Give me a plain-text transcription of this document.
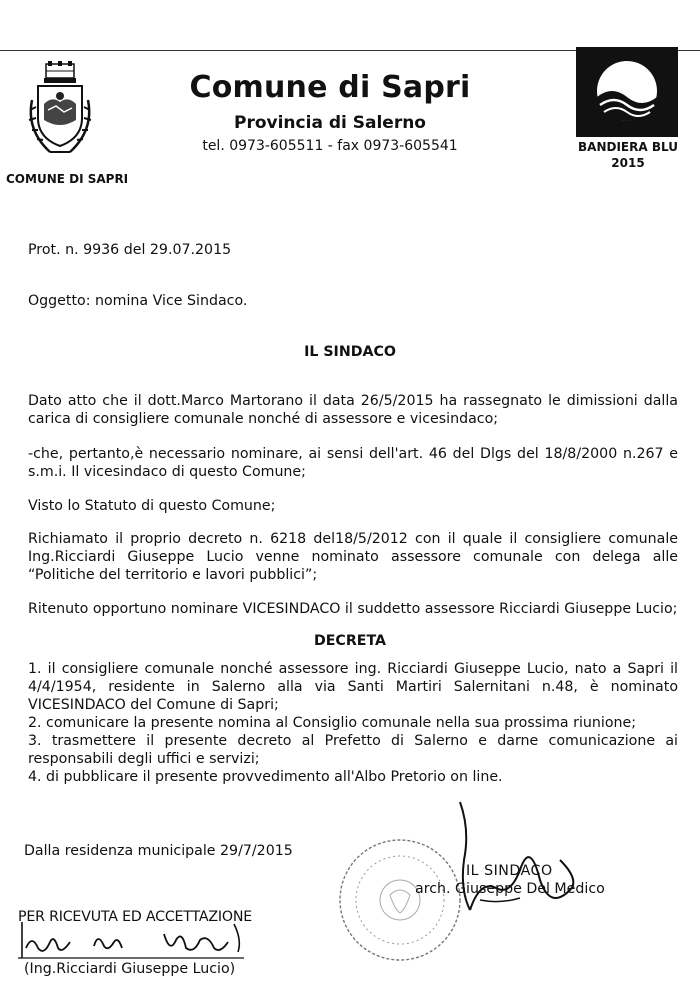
COMUNE DI SAPRI
Comune di Sapri
Provincia di Salerno
tel. 0973-605511 - fax 0973-605541	BANDIERA BLU
2015
Prot. n. 9936 del 29.07.2015
Oggetto: nomina Vice Sindaco.
IL SINDACO
Dato atto che il dott.Marco Martorano il data 26/5/2015 ha rassegnato le dimissioni dalla carica di consigliere comunale nonché di assessore e vicesindaco;
-che, pertanto,è necessario nominare, ai sensi dell'art. 46 del Dlgs del 18/8/2000 n.267 e s.m.i. Il vicesindaco di questo Comune;
Visto lo Statuto di questo Comune;
Richiamato il proprio decreto n. 6218 del18/5/2012 con il quale il consigliere comunale Ing.Ricciardi Giuseppe Lucio venne nominato assessore comunale con delega alle “Politiche del territorio e lavori pubblici”;
Ritenuto opportuno nominare VICESINDACO il suddetto assessore Ricciardi Giuseppe Lucio;
DECRETA
1. il consigliere comunale nonché assessore ing. Ricciardi Giuseppe Lucio, nato a Sapri il 4/4/1954, residente in Salerno alla via Santi Martiri Salernitani n.48, è nominato VICESINDACO del Comune di Sapri;
2. comunicare la presente nomina al Consiglio comunale nella sua prossima riunione;
3. trasmettere il presente decreto al Prefetto di Salerno e darne comunicazione ai responsabili degli uffici e servizi;
4. di pubblicare il presente provvedimento all'Albo Pretorio on line.
Dalla residenza municipale 29/7/2015
IL SINDACO
arch. Giuseppe Del Medico
PER RICEVUTA ED ACCETTAZIONE
(Ing.Ricciardi Giuseppe Lucio)
